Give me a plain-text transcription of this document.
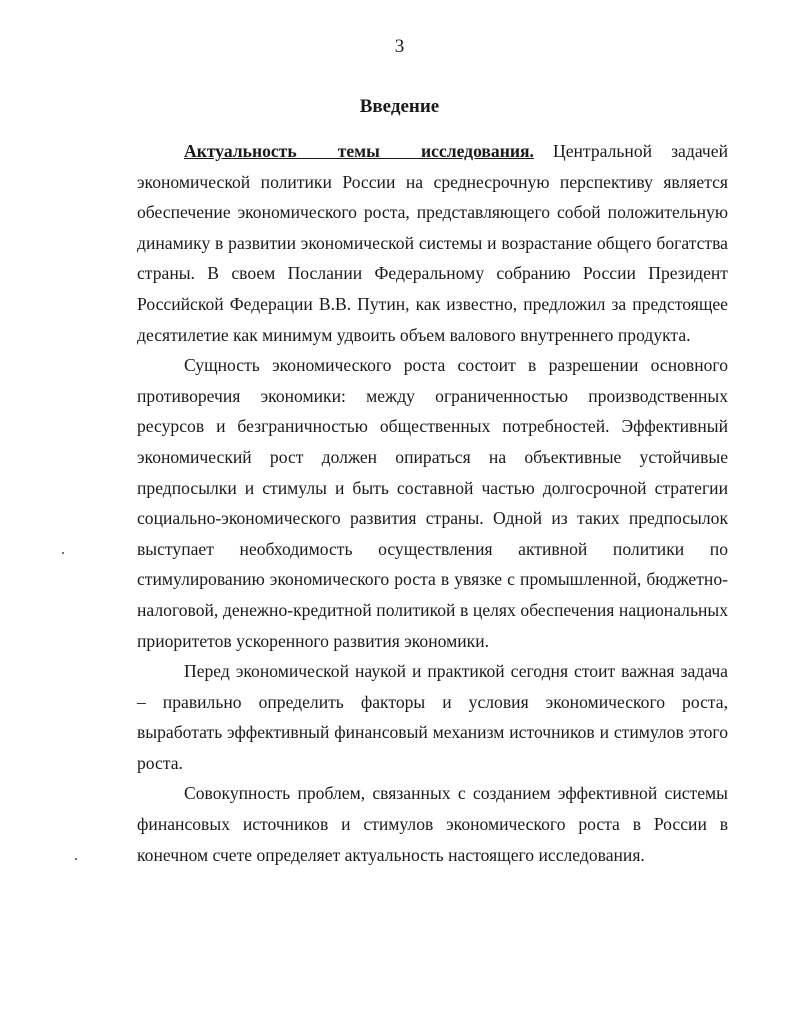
3

Введение

Актуальность темы исследования. Центральной задачей экономической политики России на среднесрочную перспективу является обеспечение экономического роста, представляющего собой положительную динамику в развитии экономической системы и возрастание общего богатства страны. В своем Послании Федеральному собранию России Президент Российской Федерации В.В. Путин, как известно, предложил за предстоящее десятилетие как минимум удвоить объем валового внутреннего продукта.

Сущность экономического роста состоит в разрешении основного противоречия экономики: между ограниченностью производственных ресурсов и безграничностью общественных потребностей. Эффективный экономический рост должен опираться на объективные устойчивые предпосылки и стимулы и быть составной частью долгосрочной стратегии социально-экономического развития страны. Одной из таких предпосылок выступает необходимость осуществления активной политики по стимулированию экономического роста в увязке с промышленной, бюджетно-налоговой, денежно-кредитной политикой в целях обеспечения национальных приоритетов ускоренного развития экономики.

Перед экономической наукой и практикой сегодня стоит важная задача – правильно определить факторы и условия экономического роста, выработать эффективный финансовый механизм источников и стимулов этого роста.

Совокупность проблем, связанных с созданием эффективной системы финансовых источников и стимулов экономического роста в России в конечном счете определяет актуальность настоящего исследования.
